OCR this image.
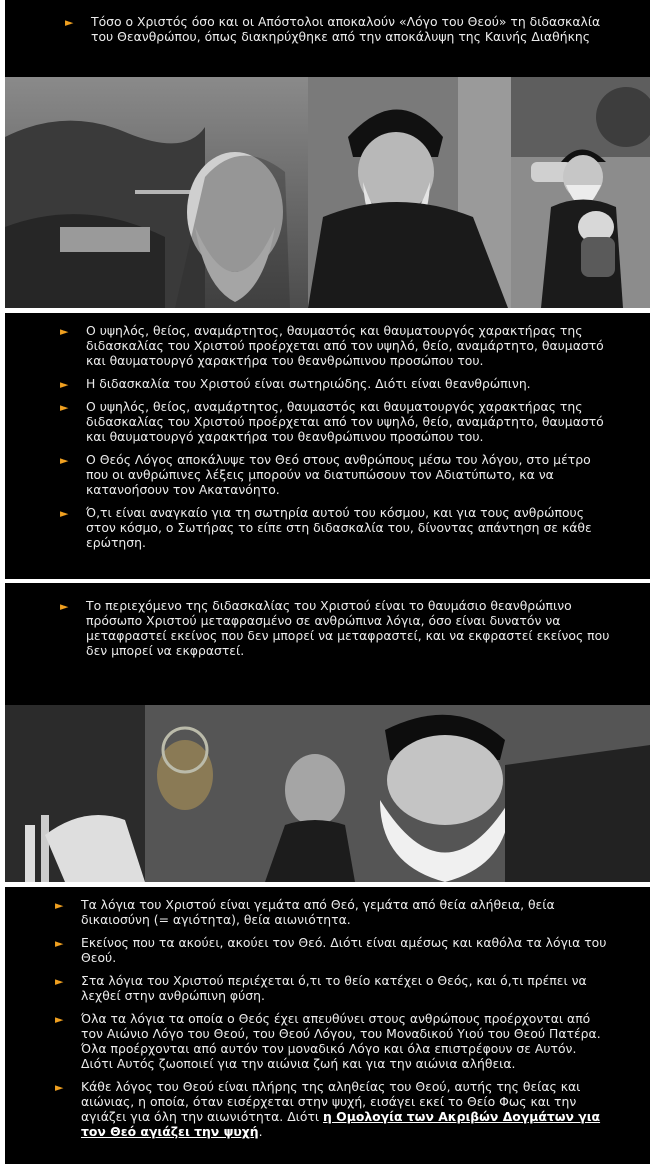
► Τόσο ο Χριστός όσο και οι Απόστολοι αποκαλούν «Λόγο του Θεού» τη διδασκαλία του Θεανθρώπου, όπως διακηρύχθηκε από την αποκάλυψη της Καινής Διαθήκης
► Ο υψηλός, θείος, αναμάρτητος, θαυμαστός και θαυματουργός χαρακτήρας της διδασκαλίας του Χριστού προέρχεται από τον υψηλό, θείο, αναμάρτητο, θαυμαστό και θαυματουργό χαρακτήρα του θεανθρώπινου προσώπου του.
► Η διδασκαλία του Χριστού είναι σωτηριώδης. Διότι είναι θεανθρώπινη.
► Ο υψηλός, θείος, αναμάρτητος, θαυμαστός και θαυματουργός χαρακτήρας της διδασκαλίας του Χριστού προέρχεται από τον υψηλό, θείο, αναμάρτητο, θαυμαστό και θαυματουργό χαρακτήρα του θεανθρώπινου προσώπου του.
► Ο Θεός Λόγος αποκάλυψε τον Θεό στους ανθρώπους μέσω του λόγου, στο μέτρο που οι ανθρώπινες λέξεις μπορούν να διατυπώσουν τον Αδιατύπωτο, κα να κατανοήσουν τον Ακατανόητο.
► Ό,τι είναι αναγκαίο για τη σωτηρία αυτού του κόσμου, και για τους ανθρώπους στον κόσμο, ο Σωτήρας το είπε στη διδασκαλία του, δίνοντας απάντηση σε κάθε ερώτηση.
► Το περιεχόμενο της διδασκαλίας του Χριστού είναι το θαυμάσιο θεανθρώπινο πρόσωπο Χριστού μεταφρασμένο σε ανθρώπινα λόγια, όσο είναι δυνατόν να μεταφραστεί εκείνος που δεν μπορεί να μεταφραστεί, και να εκφραστεί εκείνος που δεν μπορεί να εκφραστεί.
► Τα λόγια του Χριστού είναι γεμάτα από Θεό, γεμάτα από θεία αλήθεια, θεία δικαιοσύνη (= αγιότητα), θεία αιωνιότητα.
► Εκείνος που τα ακούει, ακούει τον Θεό. Διότι είναι αμέσως και καθόλα τα λόγια του Θεού.
► Στα λόγια του Χριστού περιέχεται ό,τι το θείο κατέχει ο Θεός, και ό,τι πρέπει να λεχθεί στην ανθρώπινη φύση.
► Όλα τα λόγια τα οποία ο Θεός έχει απευθύνει στους ανθρώπους προέρχονται από τον Αιώνιο Λόγο του Θεού, του Θεού Λόγου, του Μοναδικού Υιού του Θεού Πατέρα. Όλα προέρχονται από αυτόν τον μοναδικό Λόγο και όλα επιστρέφουν σε Αυτόν. Διότι Αυτός ζωοποιεί για την αιώνια ζωή και για την αιώνια αλήθεια.
► Κάθε λόγος του Θεού είναι πλήρης της αληθείας του Θεού, αυτής της θείας και αιώνιας, η οποία, όταν εισέρχεται στην ψυχή, εισάγει εκεί το Θείο Φως και την αγιάζει για όλη την αιωνιότητα. Διότι η Ομολογία των Ακριβών Δογμάτων για τον Θεό αγιάζει την ψυχή.
